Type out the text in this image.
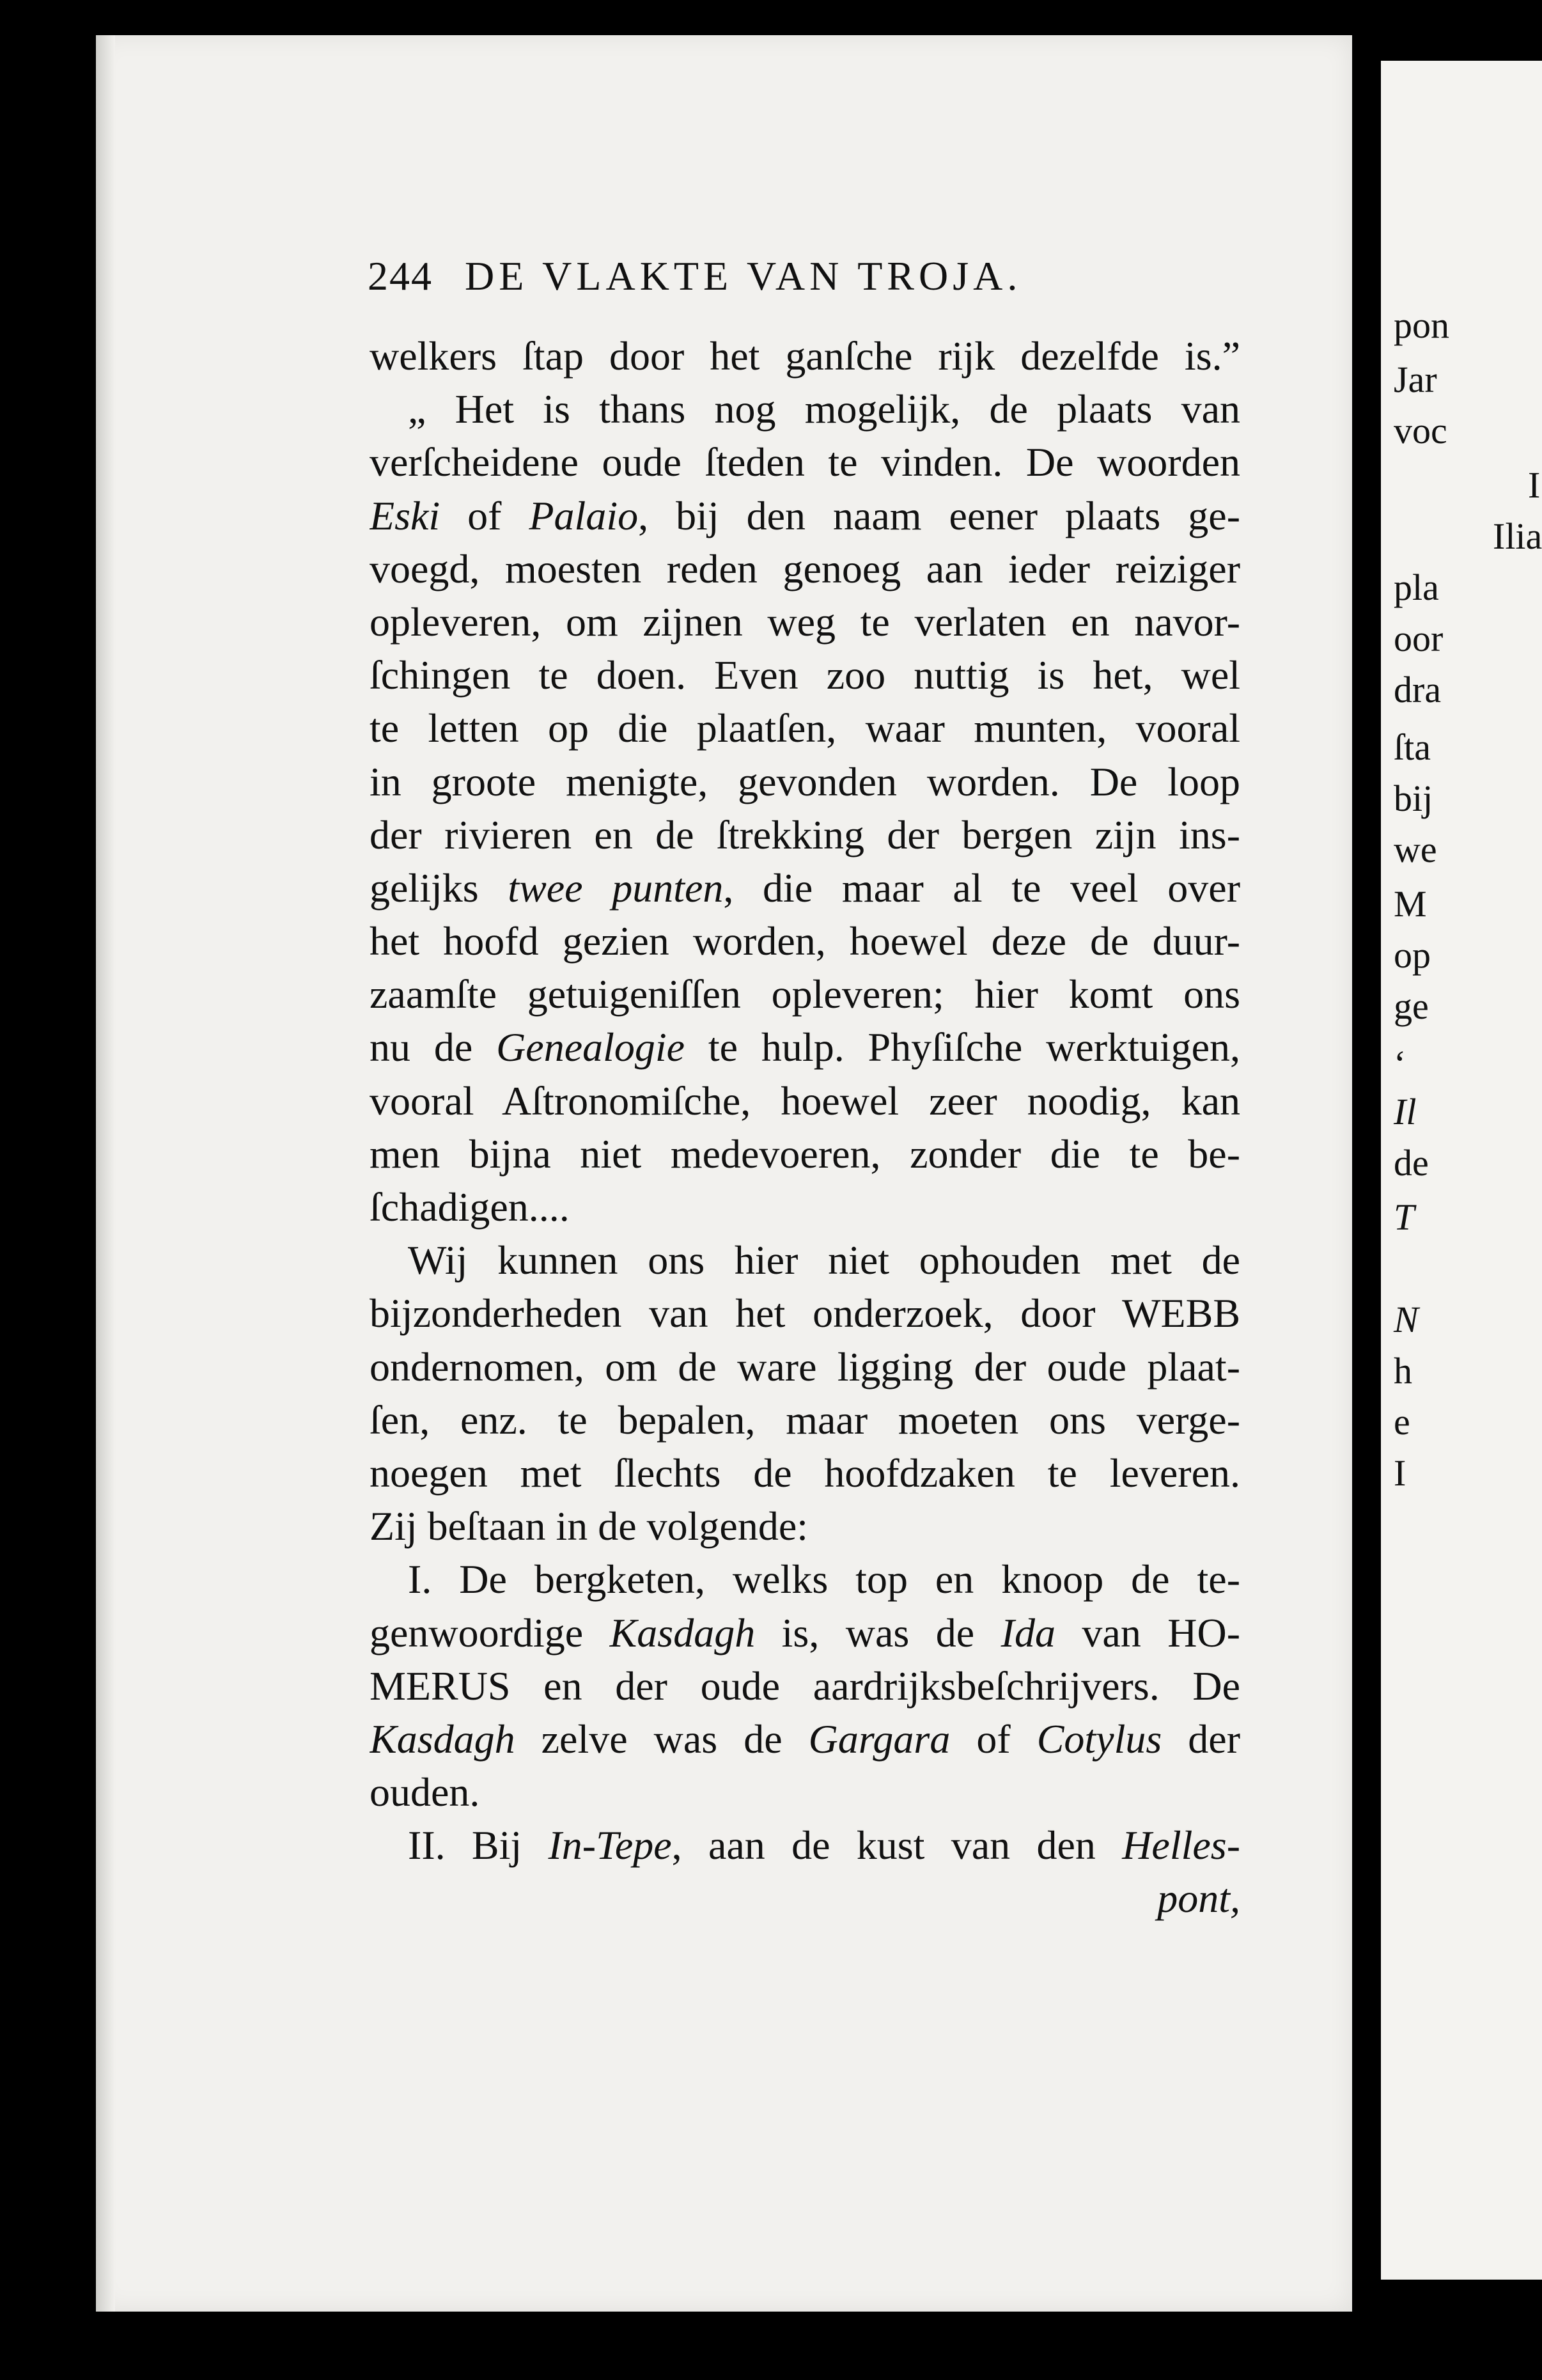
244 DE VLAKTE VAN TROJA.
welkers ſtap door het ganſche rijk dezelfde is.”
„ Het is thans nog mogelijk, de plaats van
verſcheidene oude ſteden te vinden. De woorden
Eski of Palaio, bij den naam eener plaats ge-
voegd, moesten reden genoeg aan ieder reiziger
opleveren, om zijnen weg te verlaten en navor-
ſchingen te doen. Even zoo nuttig is het, wel
te letten op die plaatſen, waar munten, vooral
in groote menigte, gevonden worden. De loop
der rivieren en de ſtrekking der bergen zijn ins-
gelijks twee punten, die maar al te veel over
het hoofd gezien worden, hoewel deze de duur-
zaamſte getuigeniſſen opleveren; hier komt ons
nu de Genealogie te hulp. Phyſiſche werktuigen,
vooral Aſtronomiſche, hoewel zeer noodig, kan
men bijna niet medevoeren, zonder die te be-
ſchadigen....
Wij kunnen ons hier niet ophouden met de
bijzonderheden van het onderzoek, door WEBB
ondernomen, om de ware ligging der oude plaat-
ſen, enz. te bepalen, maar moeten ons verge-
noegen met ſlechts de hoofdzaken te leveren.
Zij beſtaan in de volgende:
I. De bergketen, welks top en knoop de te-
genwoordige Kasdagh is, was de Ida van HO-
MERUS en der oude aardrijksbeſchrijvers. De
Kasdagh zelve was de Gargara of Cotylus der
ouden.
II. Bij In-Tepe, aan de kust van den Helles-
pont,
pon
Jar
voc
I
Ilia
pla
oor
dra
ſta
bij
we
M
op
ge
‘
Il
de
T
N
h
e
I
